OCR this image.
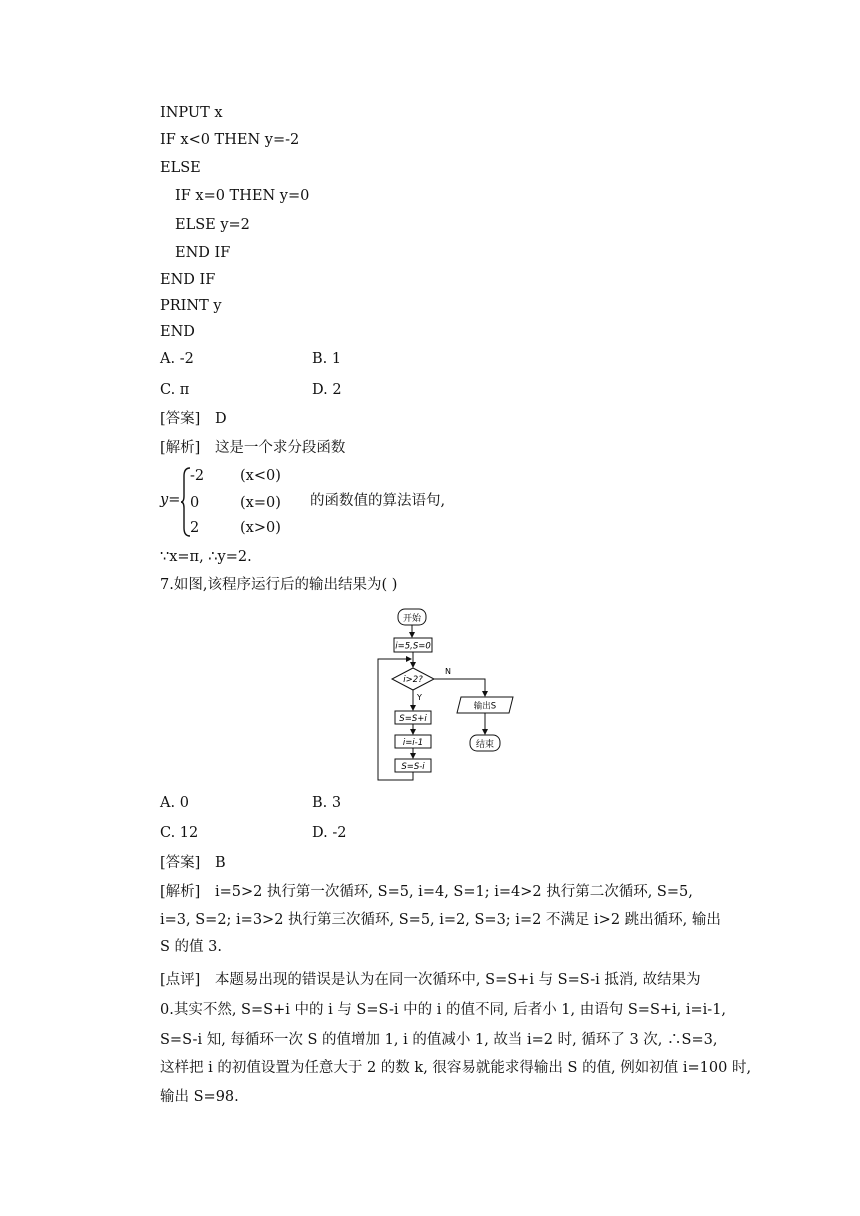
INPUT x
IF x<0 THEN y=-2
ELSE
IF x=0 THEN y=0
ELSE y=2
END IF
END IF
PRINT y
END
A. -2	B. 1
C. π	D. 2
[答案] D
[解析] 这是一个求分段函数
y=
-2 (x<0)
0	(x=0)
2	(x>0)
的函数值的算法语句,
∵x=π, ∴y=2.
7.如图,该程序运行后的输出结果为( )
开始
i=5,S=0
i>2?
N
输出S
结束
Y
S=S+i
i=i-1
S=S-i
A. 0	B. 3
C. 12	D. -2
[答案] B
[解析] i=5>2 执行第一次循环, S=5, i=4, S=1; i=4>2 执行第二次循环, S=5,
i=3, S=2; i=3>2 执行第三次循环, S=5, i=2, S=3; i=2 不满足 i>2 跳出循环, 输出
S 的值 3.
[点评] 本题易出现的错误是认为在同一次循环中, S=S+i 与 S=S-i 抵消, 故结果为
0.其实不然, S=S+i 中的 i 与 S=S-i 中的 i 的值不同, 后者小 1, 由语句 S=S+i, i=i-1,
S=S-i 知, 每循环一次 S 的值增加 1, i 的值减小 1, 故当 i=2 时, 循环了 3 次, ∴S=3,
这样把 i 的初值设置为任意大于 2 的数 k, 很容易就能求得输出 S 的值, 例如初值 i=100 时,
输出 S=98.
